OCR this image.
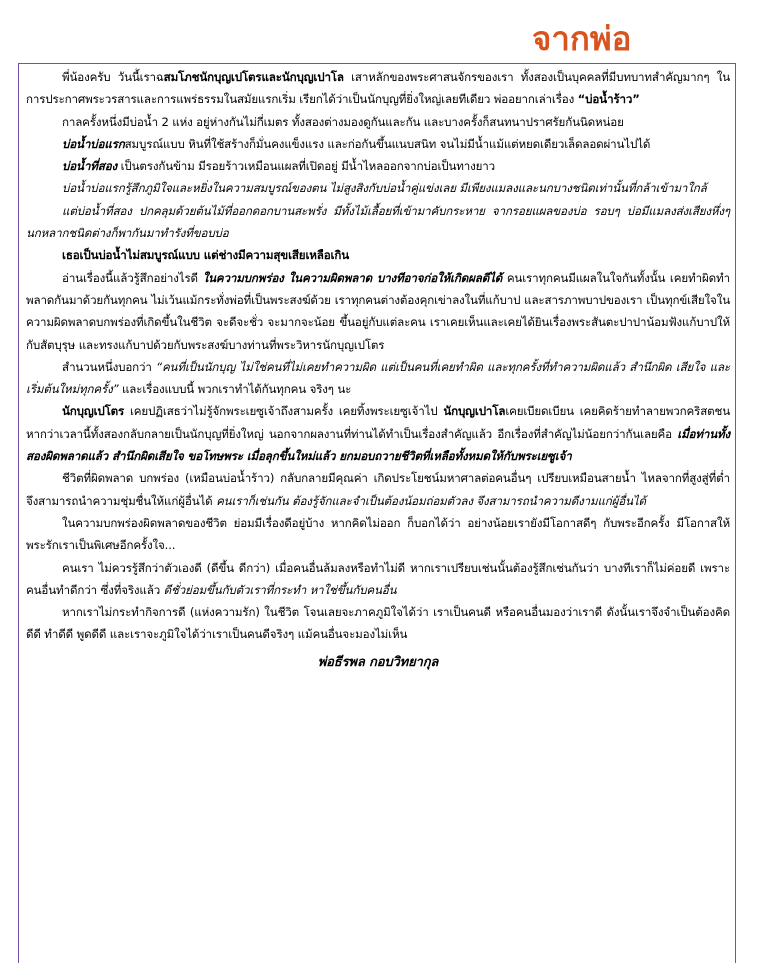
จากพ่อ

พี่น้องครับ วันนี้เราฉสมโภชนักบุญเปโตรและนักบุญเปาโล เสาหลักของพระศาสนจักรของเรา ทั้งสองเป็นบุคคลที่มีบทบาทสำคัญมากๆ ในการประกาศพระวรสารและการแพร่ธรรมในสมัยแรกเริ่ม เรียกได้ว่าเป็นนักบุญที่ยิ่งใหญ่เลยทีเดียว พ่ออยากเล่าเรื่อง “บ่อน้ำร้าว”

กาลครั้งหนึ่งมีบ่อน้ำ 2 แห่ง อยู่ห่างกันไม่กี่เมตร ทั้งสองต่างมองดูกันและกัน และบางครั้งก็สนทนาปราศรัยกันนิดหน่อย

บ่อน้ำบ่อแรกสมบูรณ์แบบ หินที่ใช้สร้างก็มั่นคงแข็งแรง และก่อกันขึ้นแนบสนิท จนไม่มีน้ำแม้แต่หยดเดียวเล็ดลอดผ่านไปได้

บ่อน้ำที่สอง เป็นตรงกันข้าม มีรอยร้าวเหมือนแผลที่เปิดอยู่ มีน้ำไหลออกจากบ่อเป็นทางยาว

บ่อน้ำบ่อแรกรู้สึกภูมิใจและหยิ่งในความสมบูรณ์ของตน ไม่สูงสิงกับบ่อน้ำคู่แข่งเลย มีเพียงแมลงและนกบางชนิดเท่านั้นที่กล้าเข้ามาใกล้

แต่บ่อน้ำที่สอง ปกคลุมด้วยต้นไม้ที่ออกดอกบานสะพรั่ง มีทั้งไม้เลื้อยที่เข้ามาคับกระหาย จากรอยแผลของบ่อ รอบๆ บ่อมีแมลงส่งเสียงหึ่งๆ นกหลากชนิดต่างก็พากันมาทำรังที่ขอบบ่อ

เธอเป็นบ่อน้ำไม่สมบูรณ์แบบ แต่ช่างมีความสุขเสียเหลือเกิน

อ่านเรื่องนี้แล้วรู้สึกอย่างไรดี ในความบกพร่อง ในความผิดพลาด บางทีอาจก่อให้เกิดผลดีได้ คนเราทุกคนมีแผลในใจกันทั้งนั้น เคยทำผิดทำพลาดกันมาด้วยกันทุกคน ไม่เว้นแม้กระทั่งพ่อที่เป็นพระสงฆ์ด้วย เราทุกคนต่างต้องคุกเข่าลงในที่แก้บาป และสารภาพบาปของเรา เป็นทุกข์เสียใจในความผิดพลาดบกพร่องที่เกิดขึ้นในชีวิต จะดีจะชั่ว จะมากจะน้อย ขึ้นอยู่กับแต่ละคน เราเคยเห็นและเคยได้ยินเรื่องพระสันตะปาปาน้อมฟังแก้บาปให้กับสัตบุรุษ และทรงแก้บาปด้วยกับพระสงฆ์บางท่านที่พระวิหารนักบุญเปโตร

สำนวนหนึ่งบอกว่า “คนที่เป็นนักบุญ ไม่ใช่คนที่ไม่เคยทำความผิด แต่เป็นคนที่เคยทำผิด และทุกครั้งที่ทำความผิดแล้ว สำนึกผิด เสียใจ และเริ่มต้นใหม่ทุกครั้ง” และเรื่องแบบนี้ พวกเราทำได้กันทุกคน จริงๆ นะ

นักบุญเปโตร เคยปฏิเสธว่าไม่รู้จักพระเยซูเจ้าถึงสามครั้ง เคยทิ้งพระเยซูเจ้าไป นักบุญเปาโลเคยเบียดเบียน เคยคิดร้ายทำลายพวกคริสตชน หากว่าเวลานี้ทั้งสองกลับกลายเป็นนักบุญที่ยิ่งใหญ่ นอกจากผลงานที่ท่านได้ทำเป็นเรื่องสำคัญแล้ว อีกเรื่องที่สำคัญไม่น้อยกว่ากันเลยคือ เมื่อท่านทั้งสองผิดพลาดแล้ว สำนึกผิดเสียใจ ขอโทษพระ เมื่อลุกขึ้นใหม่แล้ว ยกมอบถวายชีวิตที่เหลือทั้งหมดให้กับพระเยซูเจ้า

ชีวิตที่ผิดพลาด บกพร่อง (เหมือนบ่อน้ำร้าว) กลับกลายมีคุณค่า เกิดประโยชน์มหาศาลต่อคนอื่นๆ เปรียบเหมือนสายน้ำ ไหลจากที่สูงสู่ที่ต่ำ จึงสามารถนำความชุ่มชื่นให้แก่ผู้อื่นได้ คนเราก็เช่นกัน ต้องรู้จักและจำเป็นต้องน้อมถ่อมตัวลง จึงสามารถนำความดีงามแก่ผู้อื่นได้

ในความบกพร่องผิดพลาดของชีวิต ย่อมมีเรื่องดีอยู่บ้าง หากคิดไม่ออก ก็บอกได้ว่า อย่างน้อยเรายังมีโอกาสดีๆ กับพระอีกครั้ง มีโอกาสให้พระรักเราเป็นพิเศษอีกครั้งใจ...

คนเรา ไม่ควรรู้สึกว่าตัวเองดี (ดีขึ้น ดีกว่า) เมื่อคนอื่นล้มลงหรือทำไม่ดี หากเราเปรียบเช่นนั้นต้องรู้สึกเช่นกันว่า บางทีเราก็ไม่ค่อยดี เพราะคนอื่นทำดีกว่า ซึ่งที่จริงแล้ว ดีชั่วย่อมขึ้นกับตัวเราที่กระทำ หาใช่ขึ้นกับคนอื่น

หากเราไม่กระทำกิจการดี (แห่งความรัก) ในชีวิต โจนเลยจะภาคภูมิใจได้ว่า เราเป็นคนดี หรือคนอื่นมองว่าเราดี ดังนั้นเราจึงจำเป็นต้องคิดดีดี ทำดีดี พูดดีดี และเราจะภูมิใจได้ว่าเราเป็นคนดีจริงๆ แม้คนอื่นจะมองไม่เห็น

พ่อธีรพล กอบวิทยากุล
